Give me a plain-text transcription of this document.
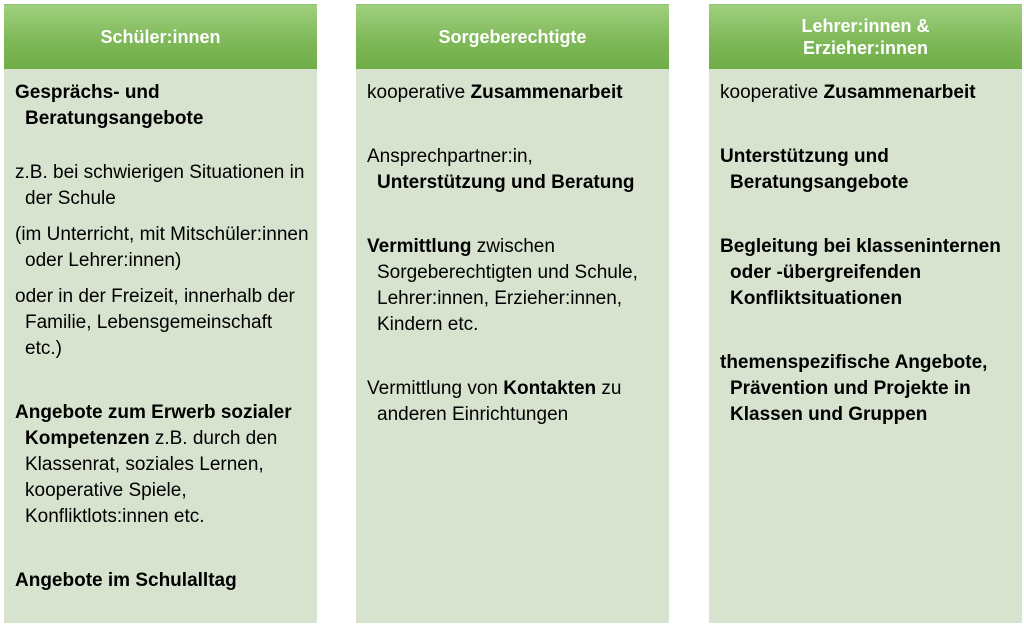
Schüler:innen
Gesprächs- und Beratungsangebote
z.B. bei schwierigen Situationen in der Schule
(im Unterricht, mit Mitschüler:innen oder Lehrer:innen)
oder in der Freizeit, innerhalb der Familie, Lebensgemeinschaft etc.)
Angebote zum Erwerb sozialer Kompetenzen z.B. durch den Klassenrat, soziales Lernen, kooperative Spiele, Konfliktlots:innen etc.
Angebote im Schulalltag
Sorgeberechtigte
kooperative Zusammenarbeit
Ansprechpartner:in, Unterstützung und Beratung
Vermittlung zwischen Sorgeberechtigten und Schule, Lehrer:innen, Erzieher:innen, Kindern etc.
Vermittlung von Kontakten zu anderen Einrichtungen
Lehrer:innen &
Erzieher:innen
kooperative Zusammenarbeit
Unterstützung und Beratungsangebote
Begleitung bei klasseninternen oder -übergreifenden Konfliktsituationen
themenspezifische Angebote, Prävention und Projekte in Klassen und Gruppen
